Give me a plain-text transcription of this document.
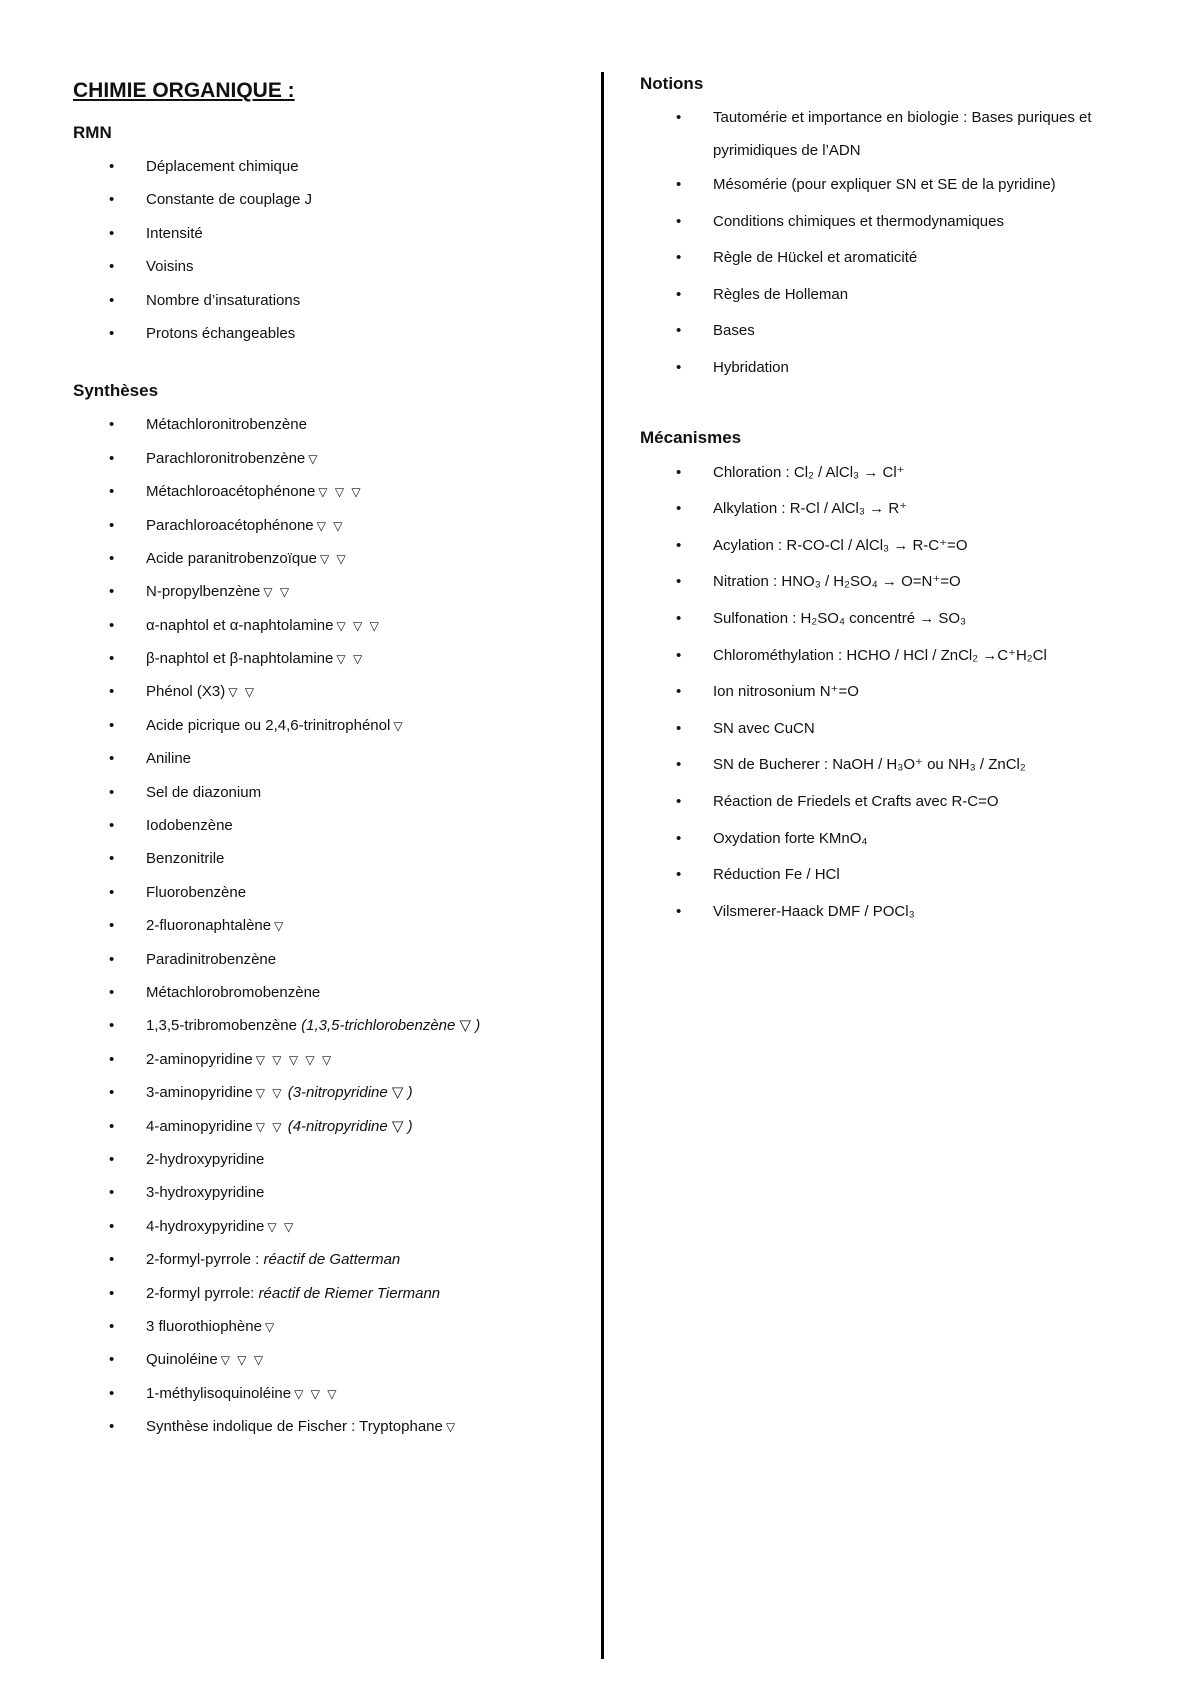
CHIMIE ORGANIQUE :
RMN
• Déplacement chimique
• Constante de couplage J
• Intensité
• Voisins
• Nombre d’insaturations
• Protons échangeables
Synthèses
• Métachloronitrobenzène
• Parachloronitrobenzène ▽
• Métachloroacétophénone ▽ ▽ ▽
• Parachloroacétophénone ▽ ▽
• Acide paranitrobenzoïque ▽ ▽
• N-propylbenzène ▽ ▽
• α-naphtol et α-naphtolamine ▽ ▽ ▽
• β-naphtol et β-naphtolamine ▽ ▽
• Phénol (X3) ▽ ▽
• Acide picrique ou 2,4,6-trinitrophénol ▽
• Aniline
• Sel de diazonium
• Iodobenzène
• Benzonitrile
• Fluorobenzène
• 2-fluoronaphtalène ▽
• Paradinitrobenzène
• Métachlorobromobenzène
• 1,3,5-tribromobenzène (1,3,5-trichlorobenzène ▽ )
• 2-aminopyridine ▽ ▽ ▽ ▽ ▽
• 3-aminopyridine ▽ ▽ (3-nitropyridine ▽ )
• 4-aminopyridine ▽ ▽ (4-nitropyridine ▽ )
• 2-hydroxypyridine
• 3-hydroxypyridine
• 4-hydroxypyridine ▽ ▽
• 2-formyl-pyrrole : réactif de Gatterman
• 2-formyl pyrrole: réactif de Riemer Tiermann
• 3 fluorothiophène ▽
• Quinoléine ▽ ▽ ▽
• 1-méthylisoquinoléine ▽ ▽ ▽
• Synthèse indolique de Fischer : Tryptophane ▽
Notions
• Tautomérie et importance en biologie : Bases puriques et pyrimidiques de l’ADN
• Mésomérie (pour expliquer SN et SE de la pyridine)
• Conditions chimiques et thermodynamiques
• Règle de Hückel et aromaticité
• Règles de Holleman
• Bases
• Hybridation
Mécanismes
• Chloration : Cl₂ / AlCl₃ → Cl⁺
• Alkylation : R-Cl / AlCl₃ → R⁺
• Acylation : R-CO-Cl / AlCl₃ → R-C⁺=O
• Nitration : HNO₃ / H₂SO₄ → O=N⁺=O
• Sulfonation : H₂SO₄ concentré → SO₃
• Chlorométhylation : HCHO / HCl / ZnCl₂ →C⁺H₂Cl
• Ion nitrosonium N⁺=O
• SN avec CuCN
• SN de Bucherer : NaOH / H₃O⁺ ou NH₃ / ZnCl₂
• Réaction de Friedels et Crafts avec R-C=O
• Oxydation forte KMnO₄
• Réduction Fe / HCl
• Vilsmerer-Haack DMF / POCl₃
